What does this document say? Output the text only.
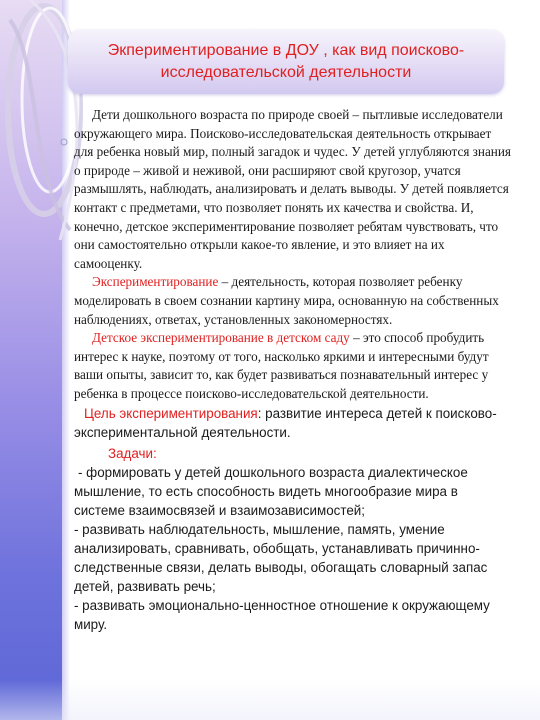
Экпериментирование в ДОУ , как вид поисково-исследовательской деятельности

Дети дошкольного возраста по природе своей – пытливые исследователи окружающего мира. Поисково-исследовательская деятельность открывает для ребенка новый мир, полный загадок и чудес. У детей углубляются знания о природе – живой и неживой, они расширяют свой кругозор, учатся размышлять, наблюдать, анализировать и делать выводы. У детей появляется контакт с предметами, что позволяет понять их качества и свойства. И, конечно, детское экспериментирование позволяет ребятам чувствовать, что они самостоятельно открыли какое-то явление, и это влияет на их самооценку.

Экспериментирование – деятельность, которая позволяет ребенку моделировать в своем сознании картину мира, основанную на собственных наблюдениях, ответах, установленных закономерностях.

Детское экспериментирование в детском саду – это способ пробудить интерес к науке, поэтому от того, насколько яркими и интересными будут ваши опыты, зависит то, как будет развиваться познавательный интерес у ребенка в процессе поисково-исследовательской деятельности.

Цель экспериментирования: развитие интереса детей к поисково-экспериментальной деятельности.

Задачи:

- формировать у детей дошкольного возраста диалектическое мышление, то есть способность видеть многообразие мира в системе взаимосвязей и взаимозависимостей;

- развивать наблюдательность, мышление, память, умение анализировать, сравнивать, обобщать, устанавливать причинно-следственные связи, делать выводы, обогащать словарный запас детей, развивать речь;

- развивать эмоционально-ценностное отношение к окружающему миру.
